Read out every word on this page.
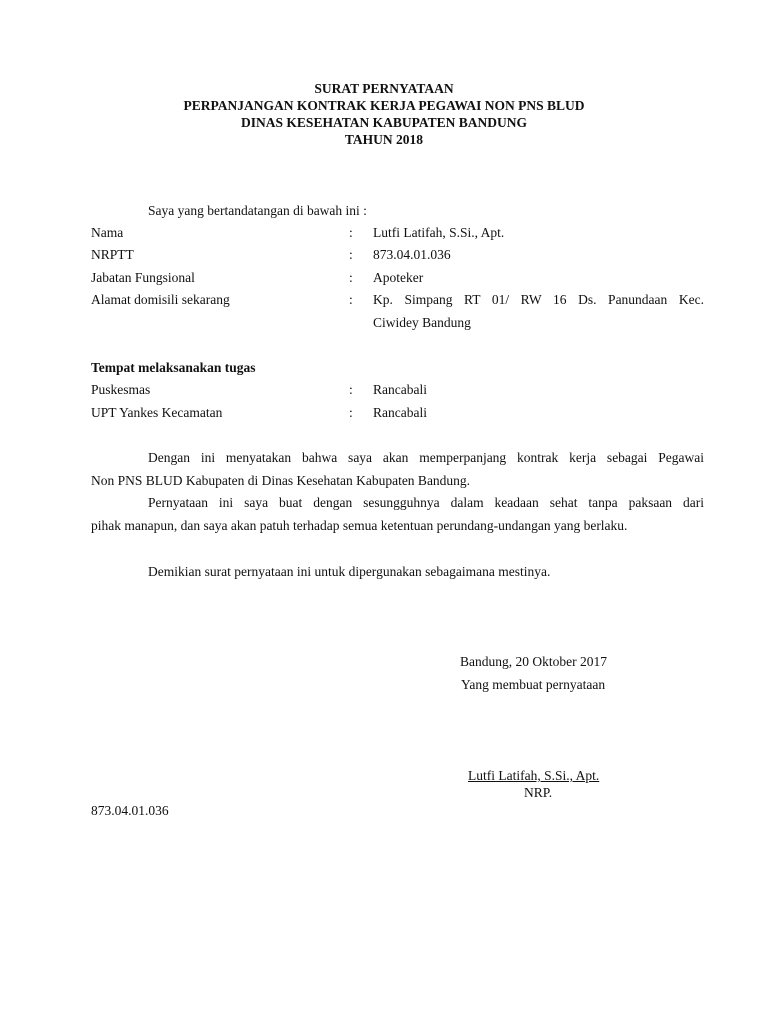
SURAT PERNYATAAN
PERPANJANGAN KONTRAK KERJA PEGAWAI NON PNS BLUD
DINAS KESEHATAN KABUPATEN BANDUNG
TAHUN 2018
Saya yang bertandatangan di bawah ini :
Nama	: Lutfi Latifah, S.Si., Apt.
NRPTT	: 873.04.01.036
Jabatan Fungsional	: Apoteker
Alamat domisili sekarang	: Kp. Simpang RT 01/ RW 16 Ds. Panundaan Kec.
Ciwidey Bandung
Tempat melaksanakan tugas
Puskesmas	: Rancabali
UPT Yankes Kecamatan	: Rancabali
Dengan ini menyatakan bahwa saya akan memperpanjang kontrak kerja sebagai Pegawai
Non PNS BLUD Kabupaten di Dinas Kesehatan Kabupaten Bandung.
Pernyataan ini saya buat dengan sesungguhnya dalam keadaan sehat tanpa paksaan dari
pihak manapun, dan saya akan patuh terhadap semua ketentuan perundang-undangan yang berlaku.
Demikian surat pernyataan ini untuk dipergunakan sebagaimana mestinya.
Bandung, 20 Oktober 2017
Yang membuat pernyataan
Lutfi Latifah, S.Si., Apt.
NRP.
873.04.01.036
